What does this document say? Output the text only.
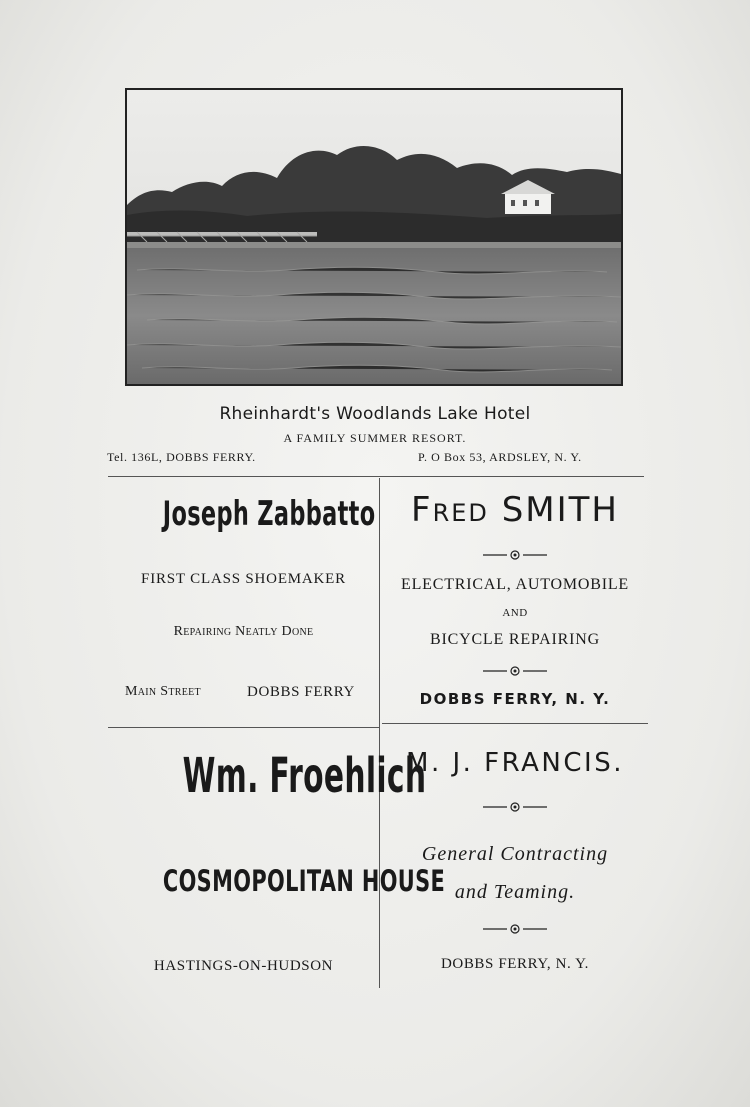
Rheinhardt's Woodlands Lake Hotel
A FAMILY SUMMER RESORT.
Tel. 136L, DOBBS FERRY.	P. O Box 53, ARDSLEY, N. Y.
Joseph Zabbatto
FIRST CLASS SHOEMAKER
Repairing Neatly Done
Main Street	DOBBS FERRY
Fred SMITH
ELECTRICAL, AUTOMOBILE
AND
BICYCLE REPAIRING
DOBBS FERRY, N. Y.
Wm. Froehlich
COSMOPOLITAN HOUSE
HASTINGS-ON-HUDSON
M. J. FRANCIS.
General Contracting
and Teaming.
DOBBS FERRY, N. Y.
